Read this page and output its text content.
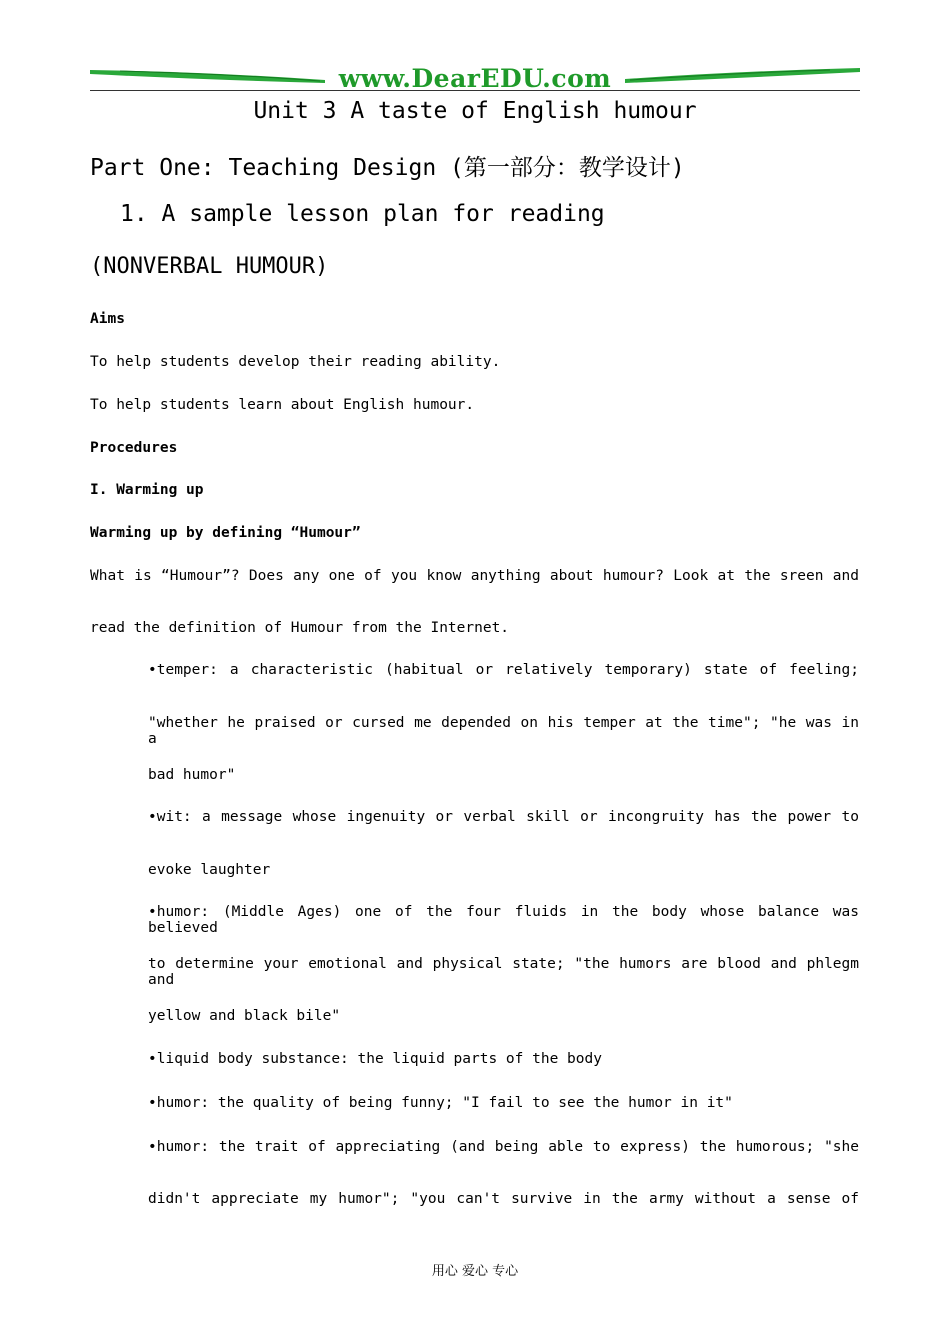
www.DearEDU.com
Unit 3 A taste of English humour
Part One: Teaching Design (第一部分：教学设计)
1. A sample lesson plan for reading
(NONVERBAL HUMOUR)
Aims
To help students develop their reading ability.
To help students learn about English humour.
Procedures
I. Warming up
Warming up by defining “Humour”
What is “Humour”? Does any one of you know anything about humour? Look at the sreen and
read the definition of Humour from the Internet.
•temper: a characteristic (habitual or relatively temporary) state of feeling;
"whether he praised or cursed me depended on his temper at the time"; "he was in a
bad humor"
•wit: a message whose ingenuity or verbal skill or incongruity has the power to
evoke laughter
•humor: (Middle Ages) one of the four fluids in the body whose balance was believed
to determine your emotional and physical state; "the humors are blood and phlegm and
yellow and black bile"
•liquid body substance: the liquid parts of the body
•humor: the quality of being funny; "I fail to see the humor in it"
•humor: the trait of appreciating (and being able to express) the humorous; "she
didn't appreciate my humor"; "you can't survive in the army without a sense of
用心 爱心 专心
